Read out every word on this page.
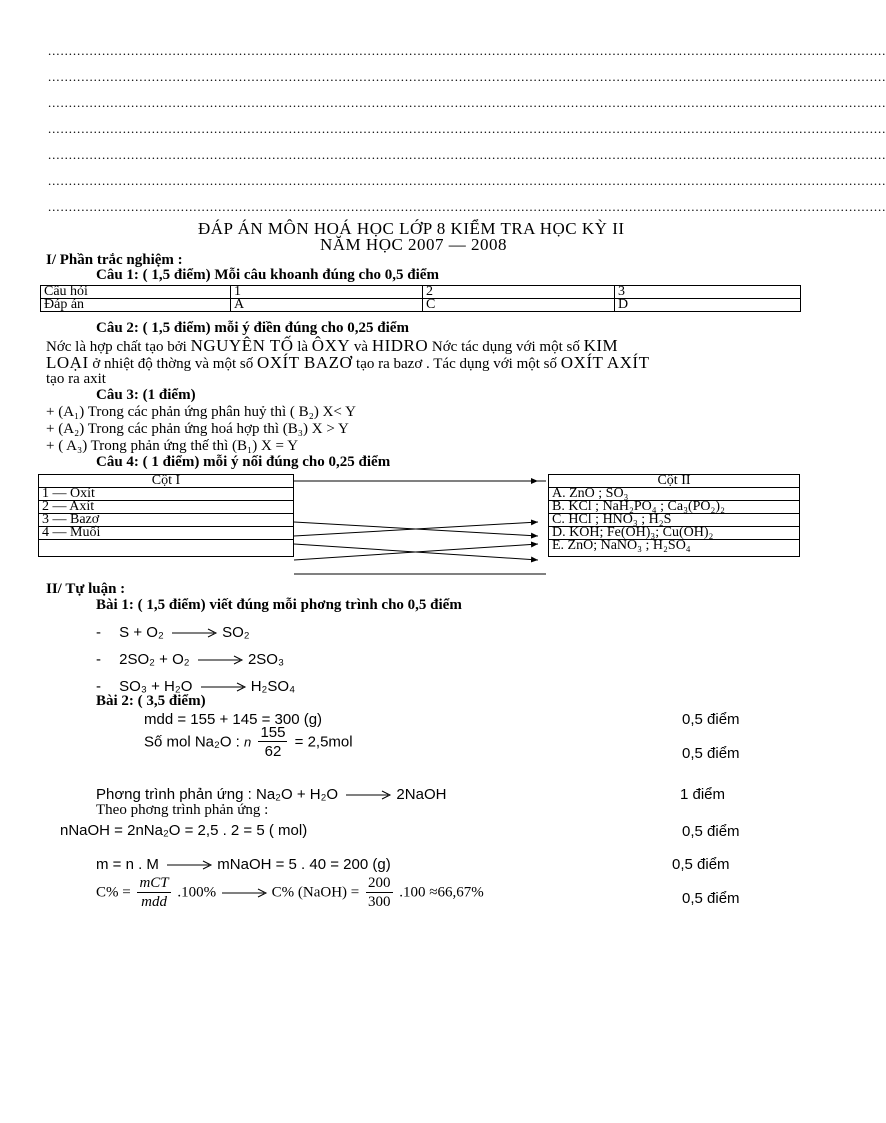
..........................................................................................................................................................................................................
..........................................................................................................................................................................................................
..........................................................................................................................................................................................................
..........................................................................................................................................................................................................
..........................................................................................................................................................................................................
..........................................................................................................................................................................................................
..........................................................................................................................................................................................................
ĐÁP ÁN MÔN HOÁ HỌC LỚP 8 KIỂM TRA HỌC KỲ II
NĂM HỌC 2007 — 2008
I/ Phần trắc nghiệm :
Câu 1: ( 1,5 điểm) Mỗi câu khoanh đúng cho 0,5 điểm
Câu hỏi	1	2	3
Đáp án	A	C	D
Câu 2: ( 1,5 điểm) mỗi ý điền đúng cho 0,25 điểm
Nớc là hợp chất tạo bởi NGUYÊN TỐ là ÔXY và HIDRO Nớc tác dụng với một số KIM
LOẠI ở nhiệt độ thờng và một số OXÍT BAZƠ tạo ra bazơ . Tác dụng với một số OXÍT AXÍT
tạo ra axit
Câu 3: (1 điểm)
+ (A₁) Trong các phản ứng phân huỷ thì ( B₂) X< Y
+ (A₂) Trong các phản ứng hoá hợp thì (B₃) X > Y
+ ( A₃) Trong phản ứng thế thì (B₁) X = Y
Câu 4: ( 1 điểm) mỗi ý nối đúng cho 0,25 điểm
Cột I
1 — Oxít
2 — Axít
3 — Bazơ
4 — Muối

Cột II
A. ZnO ; SO₃
B. KCl ; NaH₂PO₄ ; Ca₃(PO₂)₂
C. HCl ; HNO₃ ; H₂S
D. KOH; Fe(OH)₃; Cu(OH)₂
E. ZnO; NaNO₃ ; H₂SO₄
II/ Tự luận :
Bài 1: ( 1,5 điểm) viết đúng mỗi phơng trình cho 0,5 điểm
- S + O₂ → SO₂
- 2SO₂ + O₂ → 2SO₃
- SO₃ + H₂O → H₂SO₄
Bài 2: ( 3,5 điểm)
mdd = 155 + 145 = 300 (g)	0,5 điểm
Số mol Na₂O : n $\frac{155}{62} = 2,5mol$
0,5 điểm
Phơng trình phản ứng : Na₂O + H₂O → 2NaOH	1 điểm
Theo phơng trình phản ứng :
nNaOH = 2nNa₂O = 2,5 . 2 = 5 ( mol)	0,5 điểm
m = n . M	mNaOH = 5 . 40 = 200 (g)	0,5 điểm
$C\% = \frac{\text{mCT}}{\text{mdd}} .100\%$	C% (NaOH) = $\frac{200}{300} .100 \approx 66,67\%$	0,5 điểm
